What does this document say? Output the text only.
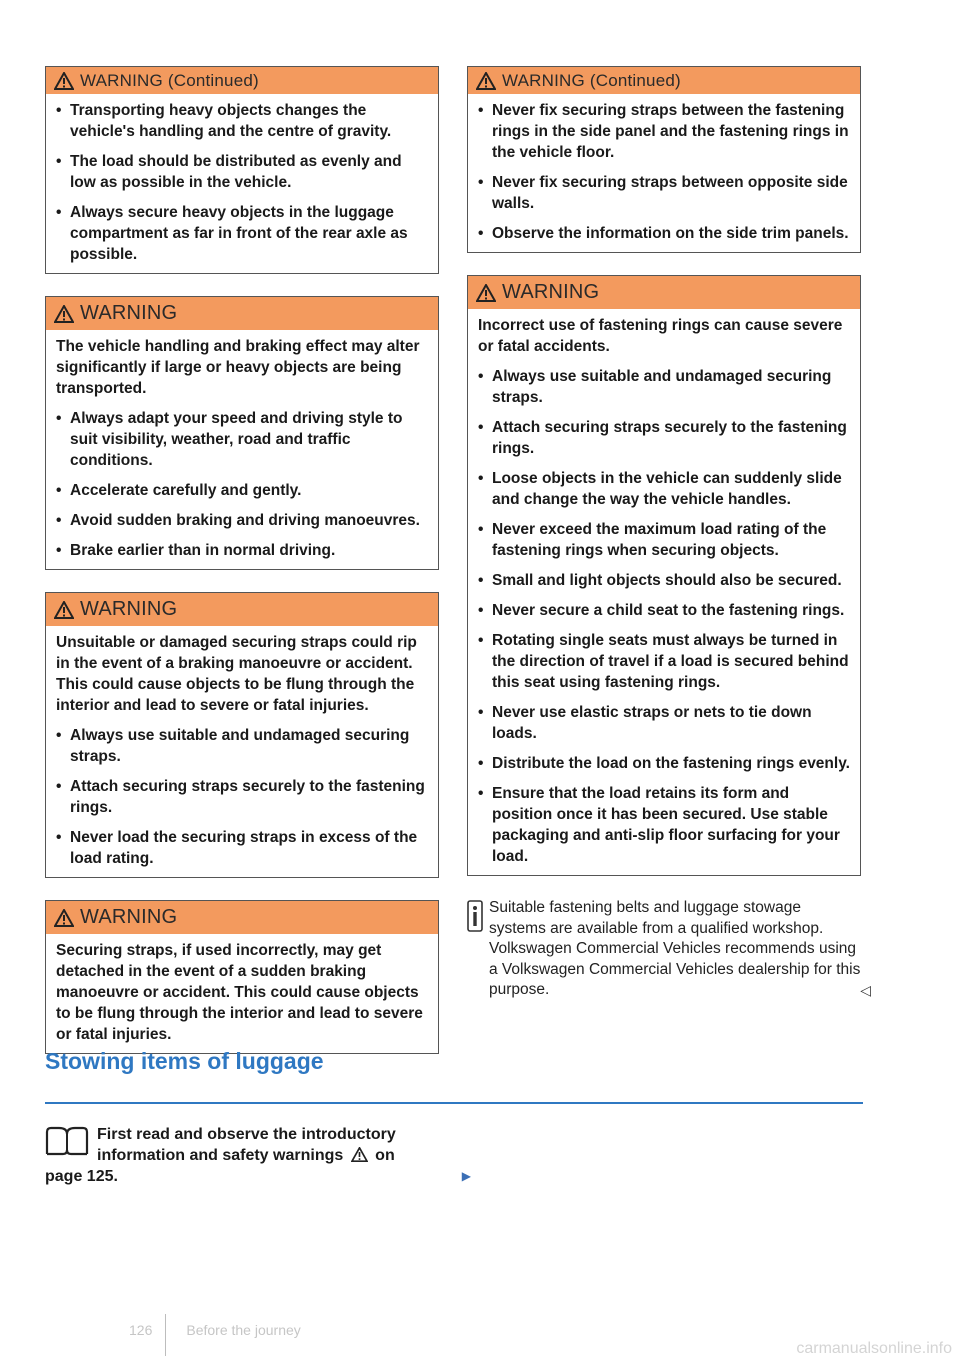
WARNING (Continued)

• Transporting heavy objects changes the vehicle's handling and the centre of gravity.

• The load should be distributed as evenly and low as possible in the vehicle.

• Always secure heavy objects in the luggage compartment as far in front of the rear axle as possible.

WARNING

The vehicle handling and braking effect may alter significantly if large or heavy objects are being transported.

• Always adapt your speed and driving style to suit visibility, weather, road and traffic conditions.

• Accelerate carefully and gently.

• Avoid sudden braking and driving manoeuvres.

• Brake earlier than in normal driving.

WARNING

Unsuitable or damaged securing straps could rip in the event of a braking manoeuvre or accident. This could cause objects to be flung through the interior and lead to severe or fatal injuries.

• Always use suitable and undamaged securing straps.

• Attach securing straps securely to the fastening rings.

• Never load the securing straps in excess of the load rating.

WARNING

Securing straps, if used incorrectly, may get detached in the event of a sudden braking manoeuvre or accident. This could cause objects to be flung through the interior and lead to severe or fatal injuries.

WARNING (Continued)

• Never fix securing straps between the fastening rings in the side panel and the fastening rings in the vehicle floor.

• Never fix securing straps between opposite side walls.

• Observe the information on the side trim panels.

WARNING

Incorrect use of fastening rings can cause severe or fatal accidents.

• Always use suitable and undamaged securing straps.

• Attach securing straps securely to the fastening rings.

• Loose objects in the vehicle can suddenly slide and change the way the vehicle handles.

• Never exceed the maximum load rating of the fastening rings when securing objects.

• Small and light objects should also be secured.

• Never secure a child seat to the fastening rings.

• Rotating single seats must always be turned in the direction of travel if a load is secured behind this seat using fastening rings.

• Never use elastic straps or nets to tie down loads.

• Distribute the load on the fastening rings evenly.

• Ensure that the load retains its form and position once it has been secured. Use stable packaging and anti-slip floor surfacing for your load.

Suitable fastening belts and luggage stowage systems are available from a qualified workshop. Volkswagen Commercial Vehicles recommends using a Volkswagen Commercial Vehicles dealership for this purpose.	◁
Stowing items of luggage
First read and observe the introductory information and safety warnings on
page 125.	▶
126 Before the journey
carmanualsonline.info
